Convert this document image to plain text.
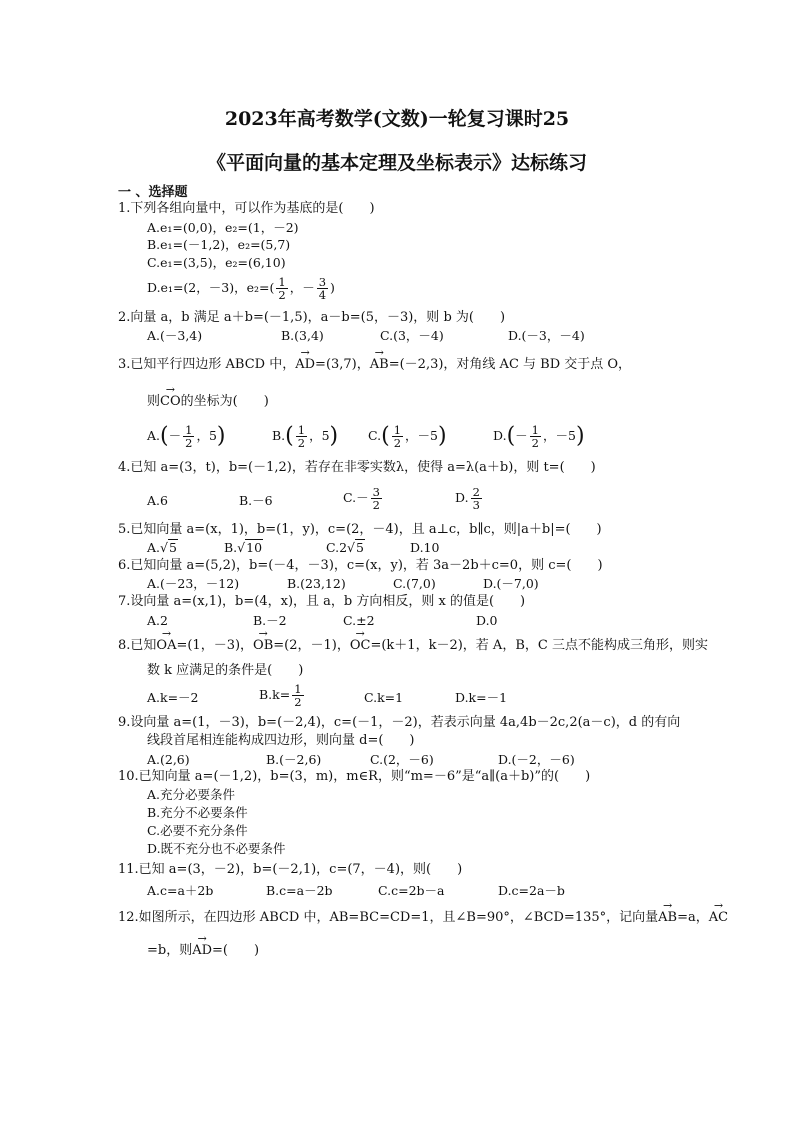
2023年高考数学(文数)一轮复习课时25
《平面向量的基本定理及坐标表示》达标练习
一 、选择题
1.下列各组向量中，可以作为基底的是(　　)
A.e₁=(0,0)，e₂=(1，－2)
B.e₁=(－1,2)，e₂=(5,7)
C.e₁=(3,5)，e₂=(6,10)
D.e₁=(2，－3)，$e_2=( \frac{1}{2}$ ，－ $\frac{3}{4}$ )
2.向量 a，b 满足 a＋b=(－1,5)，a－b=(5，－3)，则 b 为(　　)
A.(－3,4)	B.(3,4)	C.(3，－4)	D.(－3，－4)
3.已知平行四边形 ABCD 中，→ AD=(3,7)，→ AB=(－2,3)，对角线 AC 与 BD 交于点 O，
则→ CO的坐标为(　　)
$A.(- \frac{1}{2}$ ，5)	$B.( \frac{1}{2}$ ，5) $C.( \frac{1}{2}$ ，－5)	$D.(- \frac{1}{2}$ ，－5)
4.已知 a=(3，t)，b=(－1,2)，若存在非零实数λ，使得 a=λ(a＋b)，则 t=(　　)
A.6	B.－6	$C.- \frac{3}{2}$	D. $\frac{2}{3}$
5.已知向量 a=(x，1)，b=(1，y)，c=(2，－4)，且 a⊥c，b∥c，则|a＋b|=(　　)
A.√5	B.√10	C.2√5	D.10
6.已知向量 a=(5,2)，b=(－4，－3)，c=(x，y)，若 3a－2b＋c=0，则 c=(　　)
A.(－23，－12)	B.(23,12)	C.(7,0)	D.(－7,0)
7.设向量 a=(x,1)，b=(4，x)，且 a，b 方向相反，则 x 的值是(　　)
A.2	B.－2	C.±2	D.0
8.已知→ OA=(1，－3)，→ OB=(2，－1)，→ OC=(k＋1，k－2)，若 A，B，C 三点不能构成三角形，则实
数 k 应满足的条件是(　　)
A.k=－2	$B.k= \frac{1}{2}$	C.k=1	D.k=－1
9.设向量 a=(1，－3)，b=(－2,4)，c=(－1，－2)，若表示向量 4a,4b－2c,2(a－c)，d 的有向
线段首尾相连能构成四边形，则向量 d=(　　)
A.(2,6)	B.(－2,6)	C.(2，－6)	D.(－2，－6)
10.已知向量 a=(－1,2)，b=(3，m)，m∈R，则“m=－6”是“a∥(a＋b)”的(　　)
A.充分必要条件
B.充分不必要条件
C.必要不充分条件
D.既不充分也不必要条件
11.已知 a=(3，－2)，b=(－2,1)，c=(7，－4)，则(　　)
A.c=a＋2b	B.c=a－2b	C.c=2b－a	D.c=2a－b
12.如图所示，在四边形 ABCD 中，AB=BC=CD=1，且∠B=90°，∠BCD=135°，记向量→ AB=a，→ AC
=b，则→ AD=(　　)
